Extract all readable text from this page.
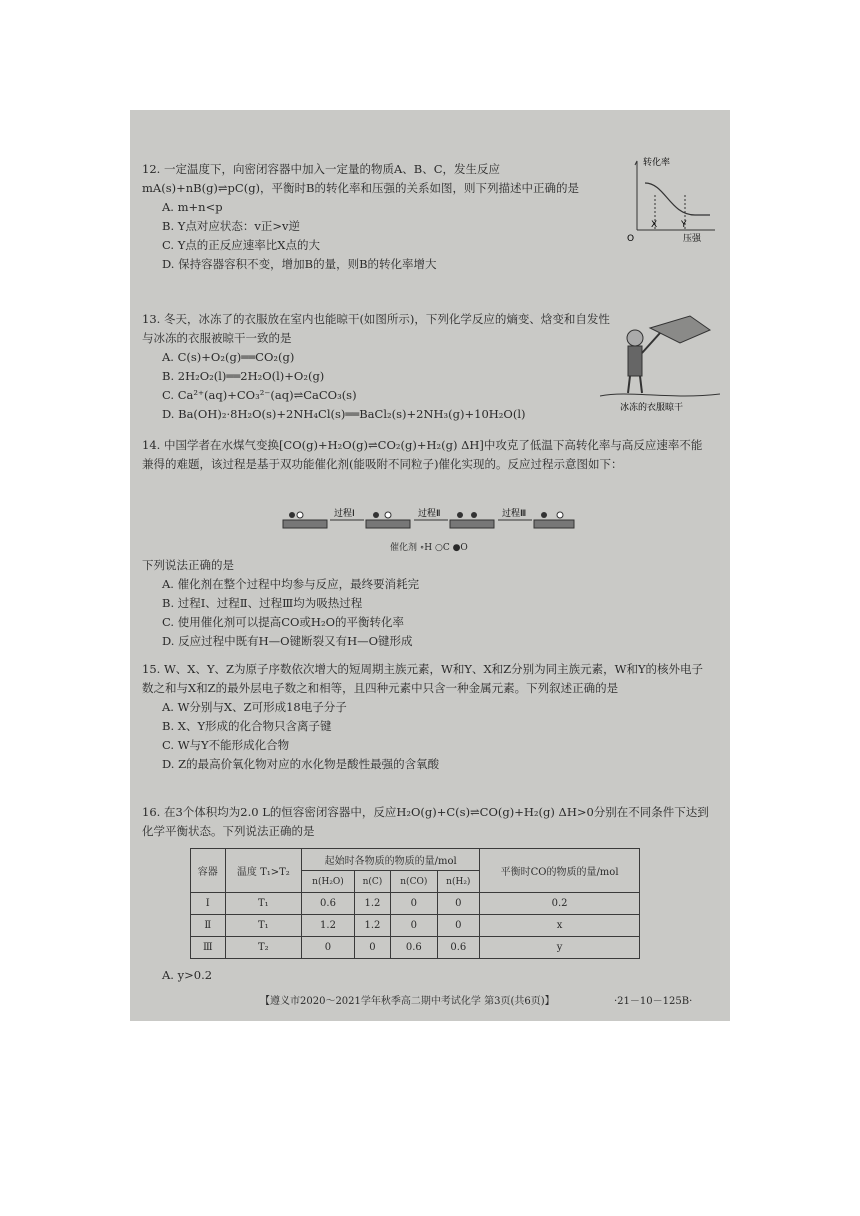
12. 一定温度下，向密闭容器中加入一定量的物质A、B、C，发生反应 mA(s)+nB(g)⇌pC(g)，平衡时B的转化率和压强的关系如图，则下列描述中正确的是
A. m+n<p
B. Y点对应状态：v正>v逆
C. Y点的正反应速率比X点的大
D. 保持容器容积不变，增加B的量，则B的转化率增大
转化率
压强
O
X	Y
13. 冬天，冰冻了的衣服放在室内也能晾干(如图所示)，下列化学反应的熵变、焓变和自发性与冰冻的衣服被晾干一致的是
A. C(s)+O₂(g)══CO₂(g)
B. 2H₂O₂(l)══2H₂O(l)+O₂(g)
C. Ca²⁺(aq)+CO₃²⁻(aq)⇌CaCO₃(s)
D. Ba(OH)₂·8H₂O(s)+2NH₄Cl(s)══BaCl₂(s)+2NH₃(g)+10H₂O(l)	冰冻的衣服晾干
14. 中国学者在水煤气变换[CO(g)+H₂O(g)⇌CO₂(g)+H₂(g) ΔH]中攻克了低温下高转化率与高反应速率不能兼得的难题，该过程是基于双功能催化剂(能吸附不同粒子)催化实现的。反应过程示意图如下：
过程Ⅰ	过程Ⅱ	过程Ⅲ
催化剂 ∘H ○C ●O
下列说法正确的是
A. 催化剂在整个过程中均参与反应，最终要消耗完
B. 过程Ⅰ、过程Ⅱ、过程Ⅲ均为吸热过程
C. 使用催化剂可以提高CO或H₂O的平衡转化率
D. 反应过程中既有H—O键断裂又有H—O键形成
15. W、X、Y、Z为原子序数依次增大的短周期主族元素，W和Y、X和Z分别为同主族元素，W和Y的核外电子数之和与X和Z的最外层电子数之和相等，且四种元素中只含一种金属元素。下列叙述正确的是
A. W分别与X、Z可形成18电子分子
B. X、Y形成的化合物只含离子键
C. W与Y不能形成化合物
D. Z的最高价氧化物对应的水化物是酸性最强的含氧酸
16. 在3个体积均为2.0 L的恒容密闭容器中，反应H₂O(g)+C(s)⇌CO(g)+H₂(g) ΔH>0分别在不同条件下达到化学平衡状态。下列说法正确的是
容器	温度 T₁>T₂	起始时各物质的物质的量/mol				平衡时CO的物质的量/mol
		n(H₂O)	n(C)	n(CO)	n(H₂)	
Ⅰ	T₁	0.6	1.2	0	0	0.2
Ⅱ	T₁	1.2	1.2	0	0	x
Ⅲ	T₂	0	0	0.6	0.6	y
A. y>0.2
【遵义市2020～2021学年秋季高二期中考试化学 第3页(共6页)】	·21－10－125B·
